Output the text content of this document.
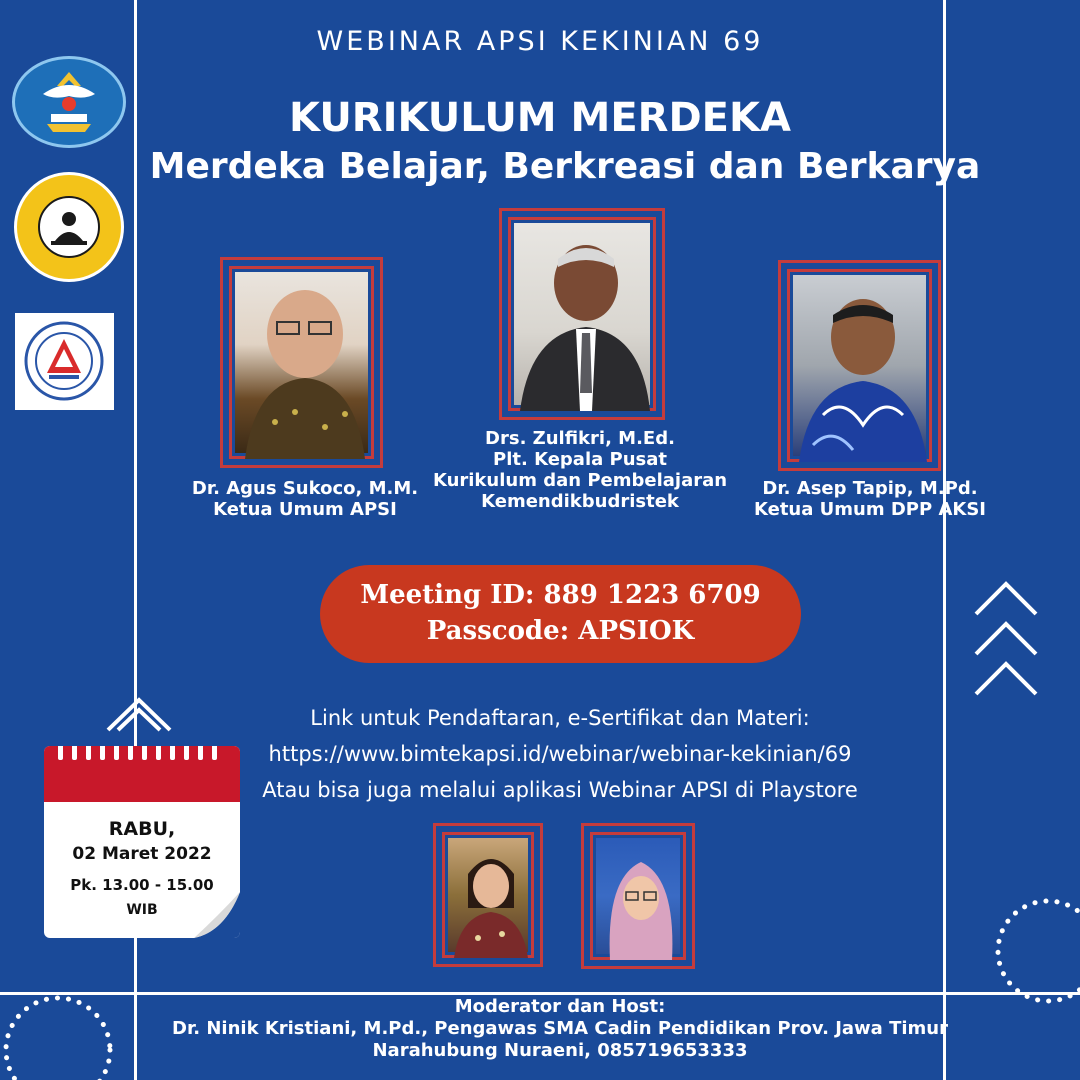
WEBINAR APSI KEKINIAN 69
KURIKULUM MERDEKA
Merdeka Belajar, Berkreasi dan Berkarya
Dr. Agus Sukoco, M.M.
Ketua Umum APSI
Drs. Zulfikri, M.Ed.
Plt. Kepala Pusat
Kurikulum dan Pembelajaran
Kemendikbudristek
Dr. Asep Tapip, M.Pd.
Ketua Umum DPP AKSI
Meeting ID: 889 1223 6709
Passcode: APSIOK
Link untuk Pendaftaran, e-Sertifikat dan Materi:
https://www.bimtekapsi.id/webinar/webinar-kekinian/69
Atau bisa juga melalui aplikasi Webinar APSI di Playstore
RABU,
02 Maret 2022
Pk. 13.00 - 15.00
WIB
Moderator dan Host:
Dr. Ninik Kristiani, M.Pd., Pengawas SMA Cadin Pendidikan Prov. Jawa Timur
Narahubung Nuraeni, 085719653333
